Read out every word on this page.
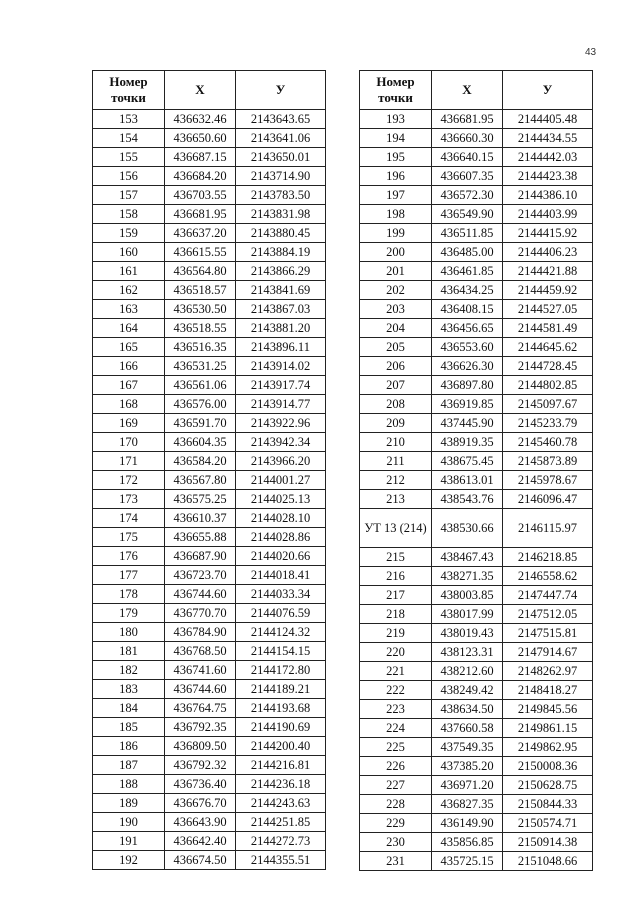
43
Номер точки	X	У
153	436632.46	2143643.65
154	436650.60	2143641.06
155	436687.15	2143650.01
156	436684.20	2143714.90
157	436703.55	2143783.50
158	436681.95	2143831.98
159	436637.20	2143880.45
160	436615.55	2143884.19
161	436564.80	2143866.29
162	436518.57	2143841.69
163	436530.50	2143867.03
164	436518.55	2143881.20
165	436516.35	2143896.11
166	436531.25	2143914.02
167	436561.06	2143917.74
168	436576.00	2143914.77
169	436591.70	2143922.96
170	436604.35	2143942.34
171	436584.20	2143966.20
172	436567.80	2144001.27
173	436575.25	2144025.13
174	436610.37	2144028.10
175	436655.88	2144028.86
176	436687.90	2144020.66
177	436723.70	2144018.41
178	436744.60	2144033.34
179	436770.70	2144076.59
180	436784.90	2144124.32
181	436768.50	2144154.15
182	436741.60	2144172.80
183	436744.60	2144189.21
184	436764.75	2144193.68
185	436792.35	2144190.69
186	436809.50	2144200.40
187	436792.32	2144216.81
188	436736.40	2144236.18
189	436676.70	2144243.63
190	436643.90	2144251.85
191	436642.40	2144272.73
192	436674.50	2144355.51
Номер точки	X	У
193	436681.95	2144405.48
194	436660.30	2144434.55
195	436640.15	2144442.03
196	436607.35	2144423.38
197	436572.30	2144386.10
198	436549.90	2144403.99
199	436511.85	2144415.92
200	436485.00	2144406.23
201	436461.85	2144421.88
202	436434.25	2144459.92
203	436408.15	2144527.05
204	436456.65	2144581.49
205	436553.60	2144645.62
206	436626.30	2144728.45
207	436897.80	2144802.85
208	436919.85	2145097.67
209	437445.90	2145233.79
210	438919.35	2145460.78
211	438675.45	2145873.89
212	438613.01	2145978.67
213	438543.76	2146096.47
УТ 13 (214)	438530.66	2146115.97
215	438467.43	2146218.85
216	438271.35	2146558.62
217	438003.85	2147447.74
218	438017.99	2147512.05
219	438019.43	2147515.81
220	438123.31	2147914.67
221	438212.60	2148262.97
222	438249.42	2148418.27
223	438634.50	2149845.56
224	437660.58	2149861.15
225	437549.35	2149862.95
226	437385.20	2150008.36
227	436971.20	2150628.75
228	436827.35	2150844.33
229	436149.90	2150574.71
230	435856.85	2150914.38
231	435725.15	2151048.66
